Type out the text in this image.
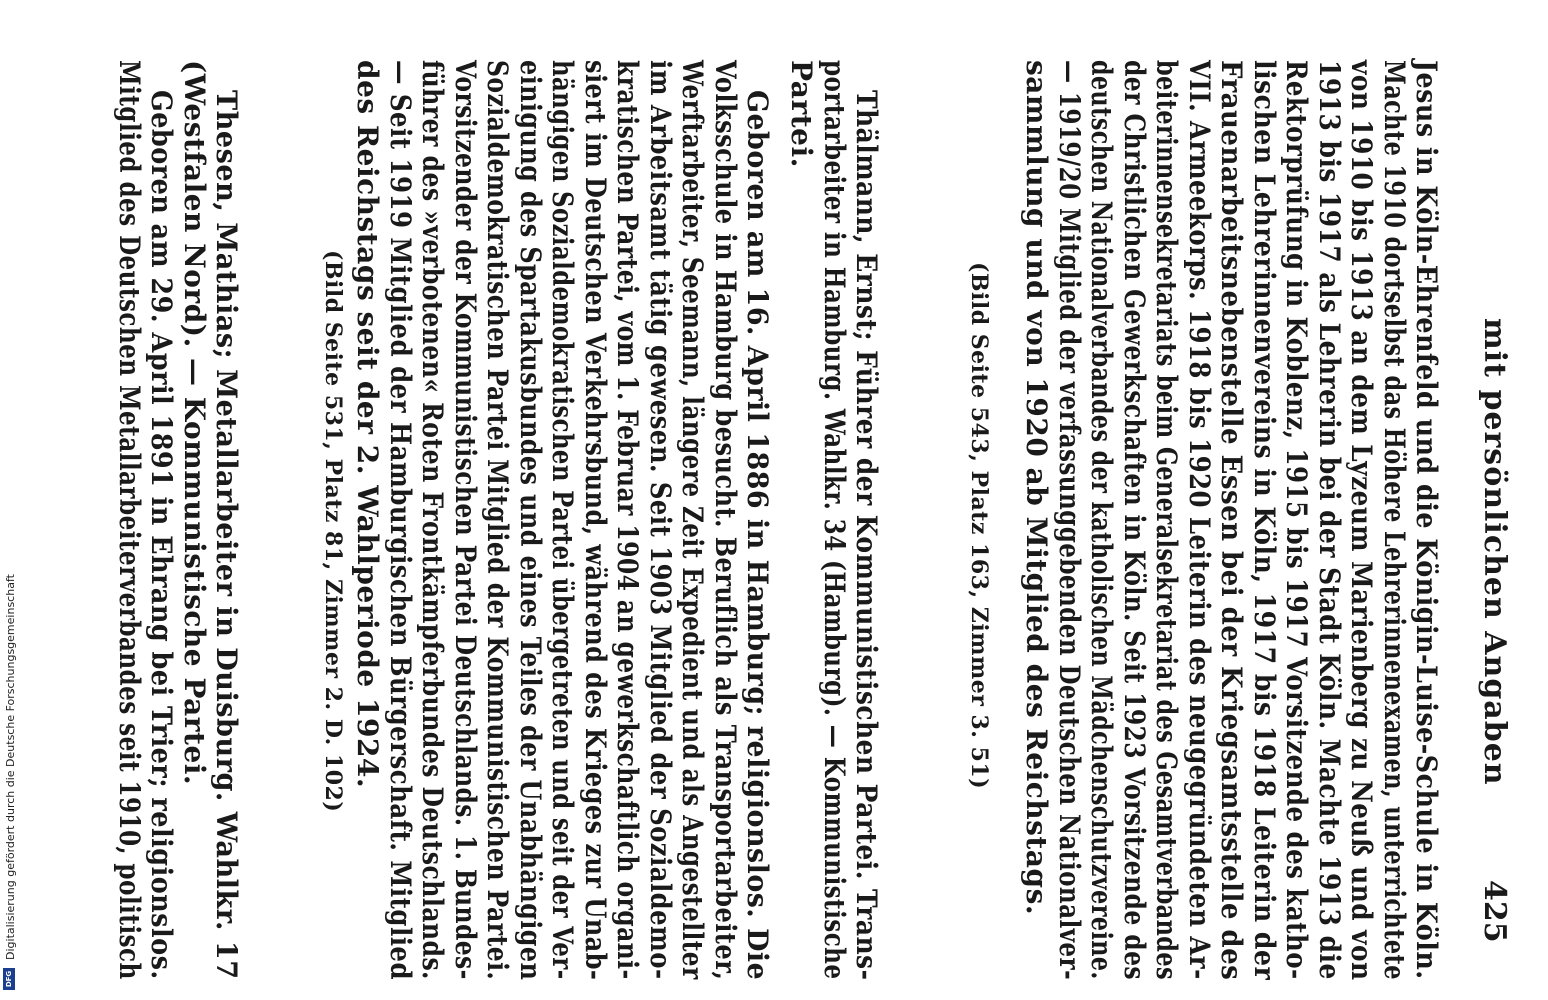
mit persönlichen Angaben
425
Jesus in Köln-Ehrenfeld und die Königin-Luise-Schule in Köln.
Machte 1910 dortselbst das Höhere Lehrerinnenexamen, unterrichtete
von 1910 bis 1913 an dem Lyzeum Marienberg zu Neuß und von
1913 bis 1917 als Lehrerin bei der Stadt Köln. Machte 1913 die
Rektorprüfung in Koblenz, 1915 bis 1917 Vorsitzende des katho-
lischen Lehrerinnenvereins in Köln, 1917 bis 1918 Leiterin der
Frauenarbeitsnebenstelle Essen bei der Kriegsamtsstelle des
VII. Armeekorps. 1918 bis 1920 Leiterin des neugegründeten Ar-
beiterinnensekretariats beim Generalsekretariat des Gesamtverbandes
der Christlichen Gewerkschaften in Köln. Seit 1923 Vorsitzende des
deutschen Nationalverbandes der katholischen Mädchenschutzvereine.
— 1919/20 Mitglied der verfassunggebenden Deutschen Nationalver-
sammlung und von 1920 ab Mitglied des Reichstags.
(Bild Seite 543, Platz 163, Zimmer 3. 51)
Thälmann, Ernst; Führer der Kommunistischen Partei. Trans-
portarbeiter in Hamburg. Wahlkr. 34 (Hamburg). — Kommunistische
Partei.
Geboren am 16. April 1886 in Hamburg; religionslos. Die
Volksschule in Hamburg besucht. Beruflich als Transportarbeiter,
Werftarbeiter, Seemann, längere Zeit Expedient und als Angestellter
im Arbeitsamt tätig gewesen. Seit 1903 Mitglied der Sozialdemo-
kratischen Partei, vom 1. Februar 1904 an gewerkschaftlich organi-
siert im Deutschen Verkehrsbund, während des Krieges zur Unab-
hängigen Sozialdemokratischen Partei übergetreten und seit der Ver-
einigung des Spartakusbundes und eines Teiles der Unabhängigen
Sozialdemokratischen Partei Mitglied der Kommunistischen Partei.
Vorsitzender der Kommunistischen Partei Deutschlands. 1. Bundes-
führer des »verbotenen« Roten Frontkämpferbundes Deutschlands.
— Seit 1919 Mitglied der Hamburgischen Bürgerschaft. Mitglied
des Reichstags seit der 2. Wahlperiode 1924.
(Bild Seite 531, Platz 81, Zimmer 2. D. 102)
Thesen, Mathias; Metallarbeiter in Duisburg. Wahlkr. 17
(Westfalen Nord). — Kommunistische Partei.
Geboren am 29. April 1891 in Ehrang bei Trier; religionslos.
Mitglied des Deutschen Metallarbeiterverbandes seit 1910, politisch
Digitalisierung gefördert durch die Deutsche Forschungsgemeinschaft
DFG
